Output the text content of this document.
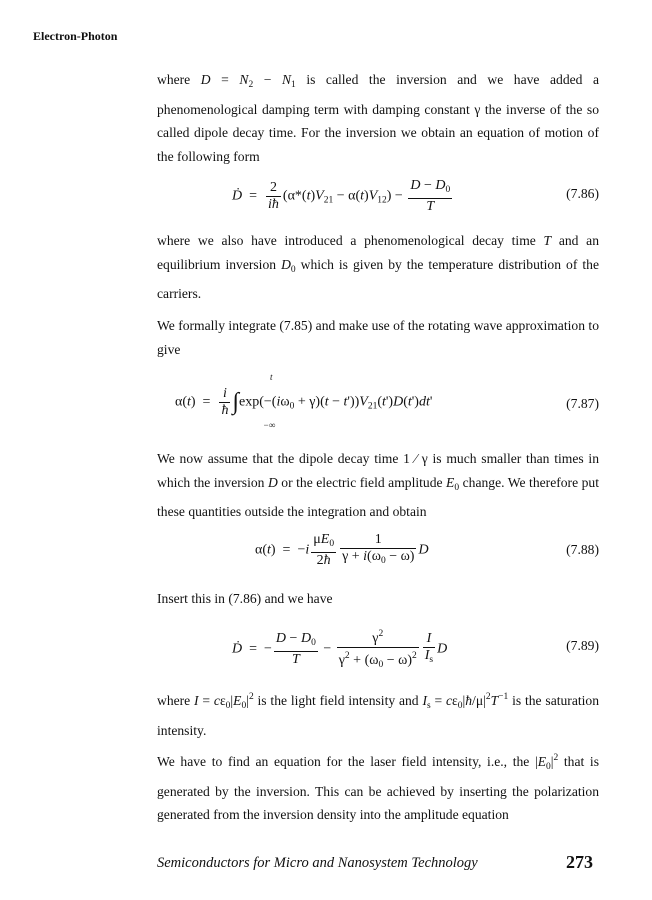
Electron-Photon
where $D = N_2 - N_1$ is called the inversion and we have added a phenomenological damping term with damping constant γ the inverse of the so called dipole decay time. For the inversion we obtain an equation of motion of the following form
Ḋ  = $\frac{2}{iħ} (\alpha*(t)V_{21} - \alpha(t)V_{12}) - \frac{D - D_0}{T}$	(7.86)
where we also have introduced a phenomenological decay time T and an equilibrium inversion $D_0$ which is given by the temperature distribution of the carriers.
We formally integrate (7.85) and make use of the rotating wave approximation to give
t
$\alpha(t) = \frac{i}{ħ} \int\exp(-(i\omega_0 + \gamma)(t - t'))V_{21}(t')D(t')dt'$
−∞
(7.87)
We now assume that the dipole decay time 1 ⁄ γ is much smaller than times in which the inversion D or the electric field amplitude $E_0$ change. We therefore put these quantities outside the integration and obtain
$\alpha(t) = -i \frac{\mu E_0}{2ħ} \frac{1}{\gamma + i(\omega_0 - \omega)}$ D	(7.88)
Insert this in (7.86) and we have
Ḋ  =  − $\frac{D - D_0}{T} - \frac{\gamma^2}{\gamma^2 + (\omega_0 - \omega)^2} \frac{I}{I_s}$ D	(7.89)
where $I = c\varepsilon_0|E_0|^2$ is the light field intensity and $I_s$ = $c\varepsilon_0|ħ/\mu|^2T^{-1}$ is the saturation intensity.
We have to find an equation for the laser field intensity, i.e., the $|E_0|^2$ that is generated by the inversion. This can be achieved by inserting the polarization generated from the inversion density into the amplitude equation
Semiconductors for Micro and Nanosystem Technology	273
